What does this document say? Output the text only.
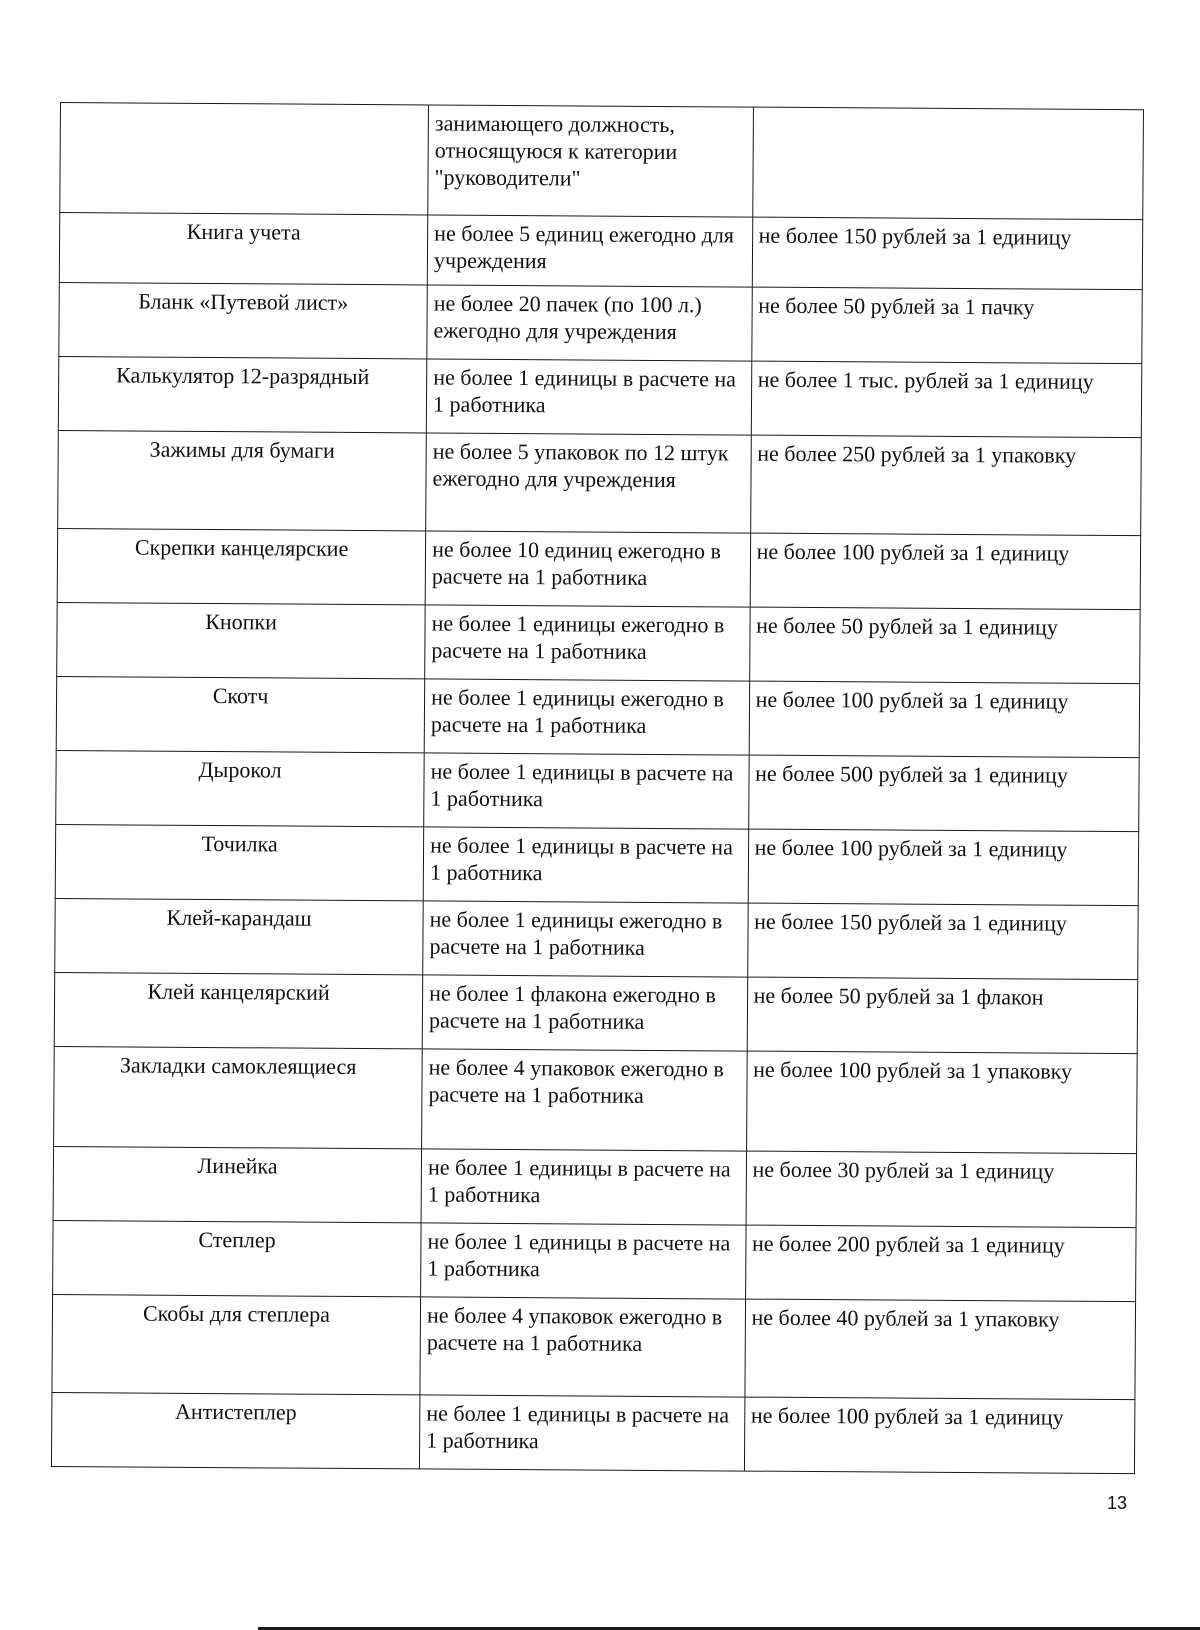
	занимающего должность, относящуюся к категории "руководители"	
Книга учета	не более 5 единиц ежегодно для учреждения	не более 150 рублей за 1 единицу
Бланк «Путевой лист»	не более 20 пачек (по 100 л.) ежегодно для учреждения	не более 50 рублей за 1 пачку
Калькулятор 12-разрядный	не более 1 единицы в расчете на 1 работника	не более 1 тыс. рублей за 1 единицу
Зажимы для бумаги	не более 5 упаковок по 12 штук ежегодно для учреждения	не более 250 рублей за 1 упаковку
Скрепки канцелярские	не более 10 единиц ежегодно в расчете на 1 работника	не более 100 рублей за 1 единицу
Кнопки	не более 1 единицы ежегодно в расчете на 1 работника	не более 50 рублей за 1 единицу
Скотч	не более 1 единицы ежегодно в расчете на 1 работника	не более 100 рублей за 1 единицу
Дырокол	не более 1 единицы в расчете на 1 работника	не более 500 рублей за 1 единицу
Точилка	не более 1 единицы в расчете на 1 работника	не более 100 рублей за 1 единицу
Клей-карандаш	не более 1 единицы ежегодно в расчете на 1 работника	не более 150 рублей за 1 единицу
Клей канцелярский	не более 1 флакона ежегодно в расчете на 1 работника	не более 50 рублей за 1 флакон
Закладки самоклеящиеся	не более 4 упаковок ежегодно в расчете на 1 работника	не более 100 рублей за 1 упаковку
Линейка	не более 1 единицы в расчете на 1 работника	не более 30 рублей за 1 единицу
Степлер	не более 1 единицы в расчете на 1 работника	не более 200 рублей за 1 единицу
Скобы для степлера	не более 4 упаковок ежегодно в расчете на 1 работника	не более 40 рублей за 1 упаковку
Антистеплер	не более 1 единицы в расчете на 1 работника	не более 100 рублей за 1 единицу
13
